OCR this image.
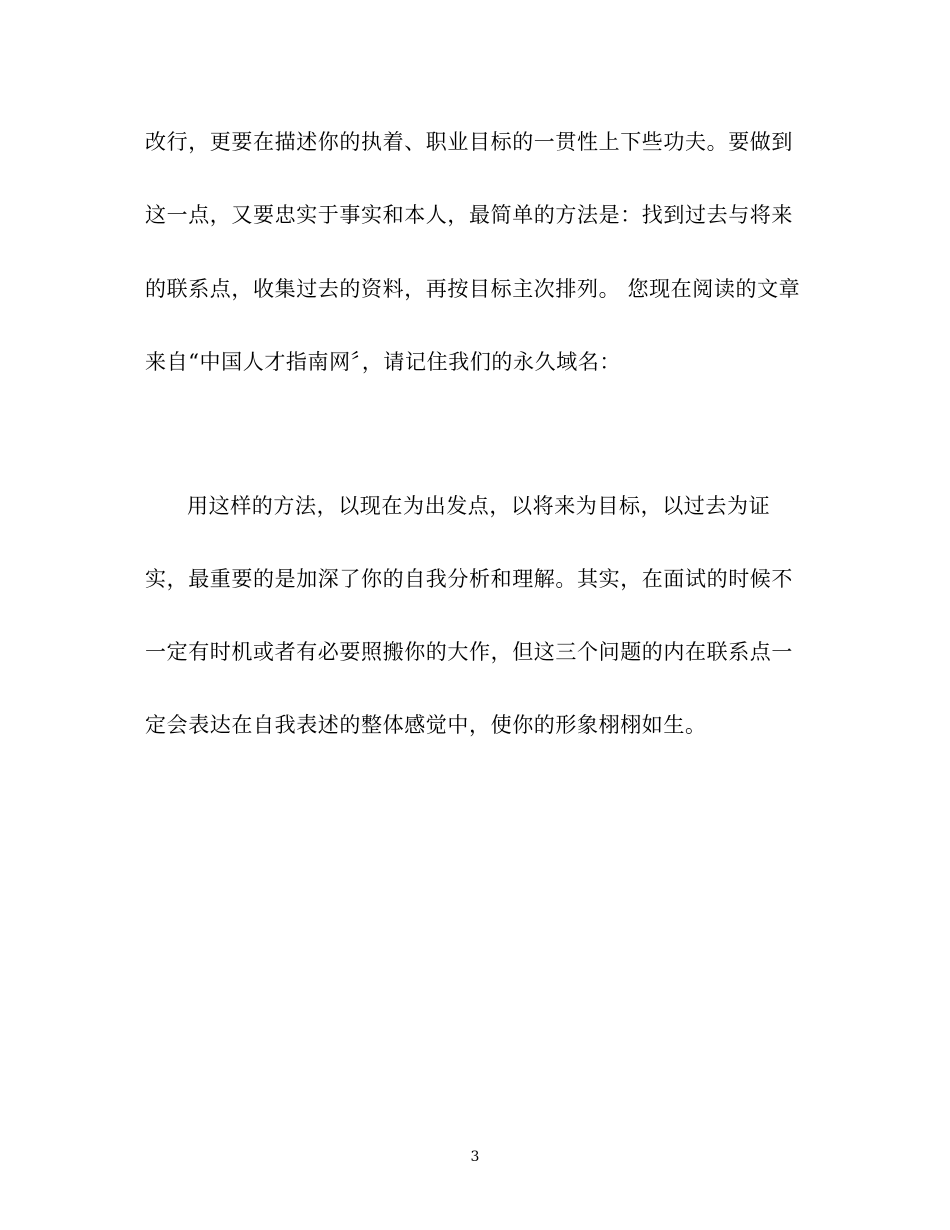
改行，更要在描述你的执着、职业目标的一贯性上下些功夫。要做到
这一点，又要忠实于事实和本人，最简单的方法是：找到过去与将来
的联系点，收集过去的资料，再按目标主次排列。 您现在阅读的文章
来自“中国人才指南网〞，请记住我们的永久域名：
用这样的方法，以现在为出发点，以将来为目标，以过去为证
实，最重要的是加深了你的自我分析和理解。其实，在面试的时候不
一定有时机或者有必要照搬你的大作，但这三个问题的内在联系点一
定会表达在自我表述的整体感觉中，使你的形象栩栩如生。
3
